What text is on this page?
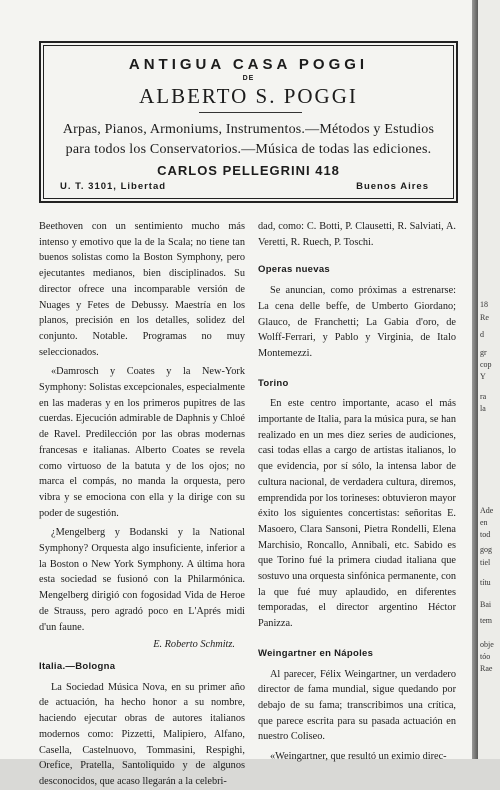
ANTIGUA CASA POGGI
DE
ALBERTO S. POGGI
Arpas, Pianos, Armoniums, Instrumentos.—Métodos y Estudios para todos los Conservatorios.—Música de todas las ediciones.
CARLOS PELLEGRINI 418
U. T. 3101, Libertad	Buenos Aires

Beethoven con un sentimiento mucho más intenso y emotivo que la de la Scala; no tiene tan buenos solistas como la Boston Symphony, pero ejecutantes medianos, bien disciplinados. Su director ofrece una incomparable versión de Nuages y Fetes de Debussy. Maestría en los planos, precisión en los detalles, solidez del conjunto. Notable. Programas no muy seleccionados.

«Damrosch y Coates y la New-York Symphony: Solistas excepcionales, especialmente en las maderas y en los primeros pupitres de las cuerdas. Ejecución admirable de Daphnis y Chloé de Ravel. Predilección por las obras modernas francesas e italianas. Alberto Coates se revela como virtuoso de la batuta y de los ojos; no marca el compás, no manda la orquesta, pero vibra y se emociona con ella y la dirige con su poder de sugestión.

¿Mengelberg y Bodanski y la National Symphony? Orquesta algo insuficiente, inferior a la Boston o New York Symphony. A última hora esta sociedad se fusionó con la Philarmónica. Mengelberg dirigió con fogosidad Vida de Heroe de Strauss, pero agradó poco en L'Aprés midi d'un faune.

E. Roberto Schmitz.

Italia.—Bologna

La Sociedad Música Nova, en su primer año de actuación, ha hecho honor a su nombre, haciendo ejecutar obras de autores italianos modernos como: Pizzetti, Malipiero, Alfano, Casella, Castelnuovo, Tommasini, Respighi, Orefice, Pratella, Santoliquido y de algunos desconocidos, que acaso llegarán a la celebri-

dad, como: C. Botti, P. Clausetti, R. Salviati, A. Veretti, R. Ruech, P. Toschi.

Operas nuevas

Se anuncian, como próximas a estrenarse: La cena delle beffe, de Umberto Giordano; Glauco, de Franchetti; La Gabia d'oro, de Wolff-Ferrari, y Pablo y Virginia, de Italo Montemezzi.

Torino

En este centro importante, acaso el más importante de Italia, para la música pura, se han realizado en un mes diez series de audiciones, casi todas ellas a cargo de artistas italianos, lo que evidencia, por sí sólo, la intensa labor de cultura nacional, de verdadera cultura, diremos, emprendida por los torineses: obtuvieron mayor éxito los siguientes concertistas: señoritas E. Masoero, Clara Sansoni, Pietra Rondelli, Elena Marchisio, Roncallo, Annibali, etc. Sabido es que Torino fué la primera ciudad italiana que sostuvo una orquesta sinfónica permanente, con la que fué muy aplaudido, en diferentes temporadas, el director argentino Héctor Panizza.

Weingartner en Nápoles

Al parecer, Félix Weingartner, un verdadero director de fama mundial, sigue quedando por debajo de su fama; transcribimos una crítica, que parece escrita para su pasada actuación en nuestro Coliseo.

«Weingartner, que resultó un eximio direc-

18
Re
d
gr
cop
Y
ra
la
Ade
en
tod
gog
tiel
títu
Bai
tem
obje
tóo
Rae
